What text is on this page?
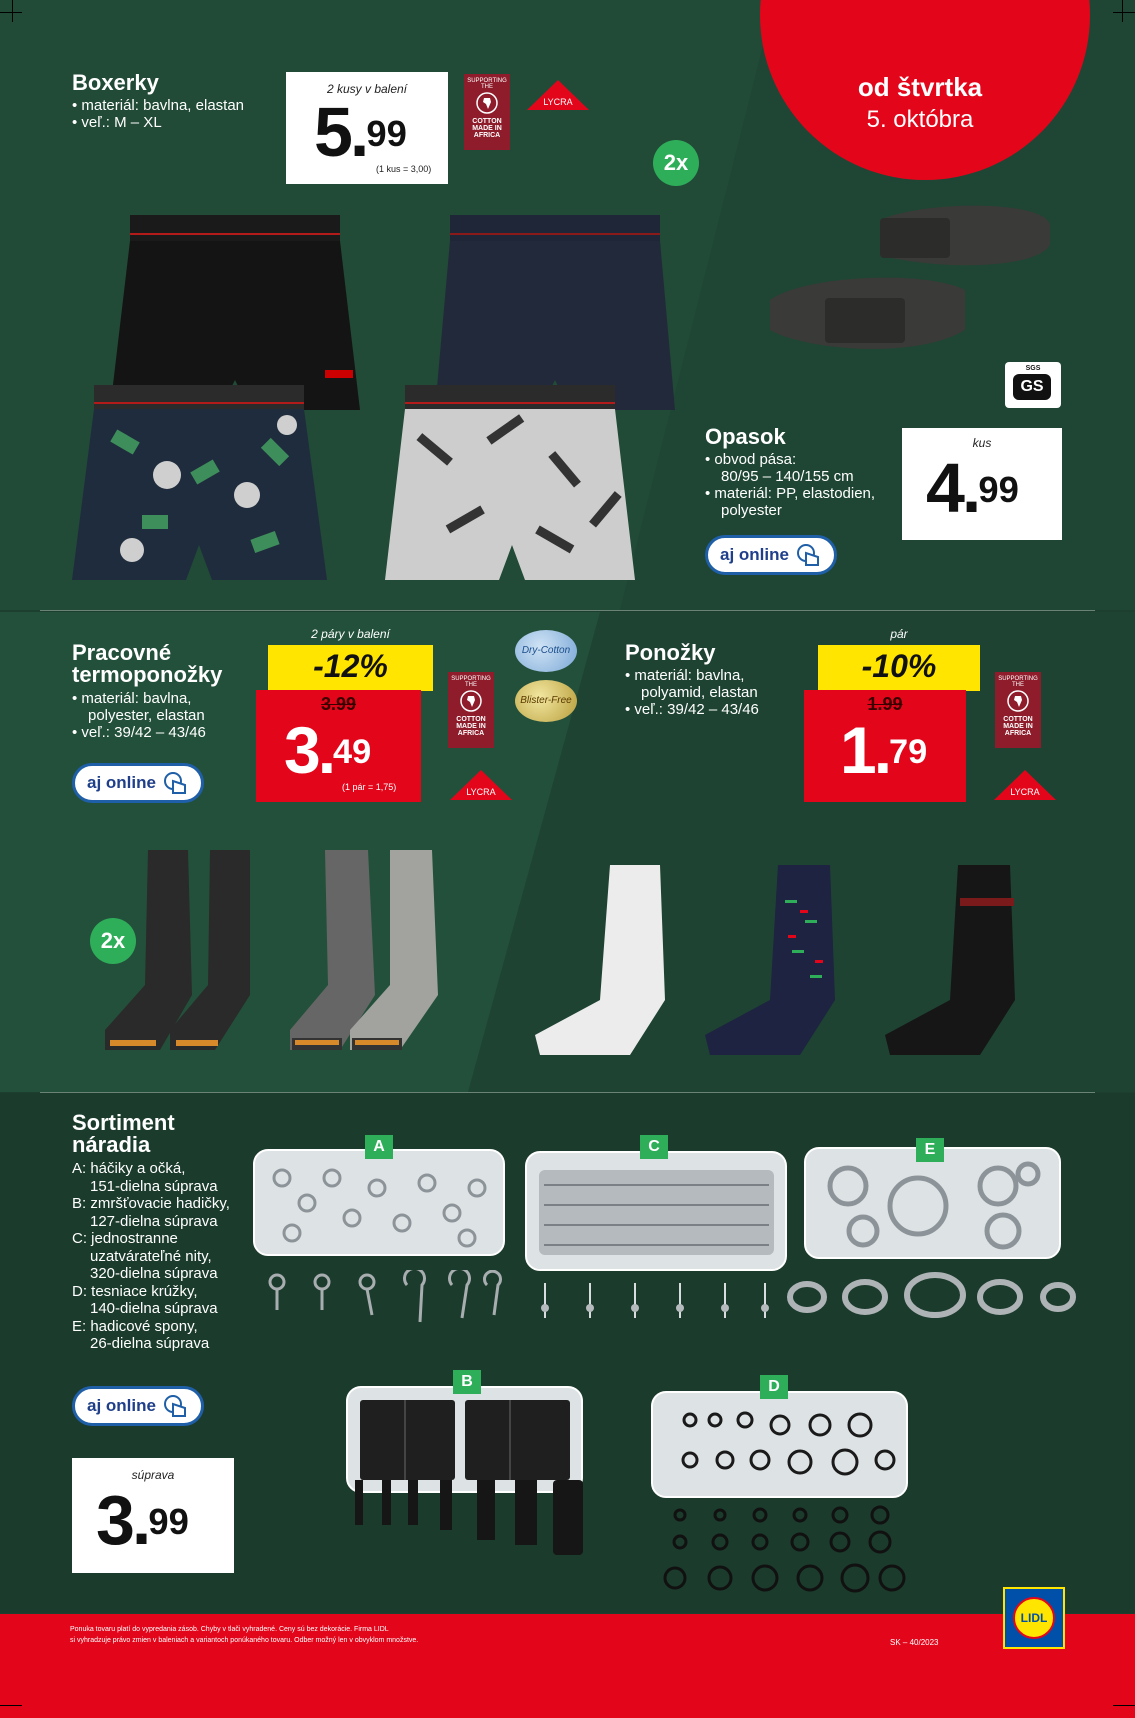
od štvrtka
5. októbra
Boxerky
• materiál: bavlna, elastan
• veľ.: M – XL
2 kusy v balení
5.99
(1 kus = 3,00)
SUPPORTING THE
COTTON MADE IN AFRICA
LYCRA
2x
SGS
GS
Opasok
• obvod pása:
80/95 – 140/155 cm
• materiál: PP, elastodien,
polyester
kus
4.99
aj online
Pracovné
termoponožky
• materiál: bavlna,
polyester, elastan
• veľ.: 39/42 – 43/46
aj online
2 páry v balení
-12%
3.99
3.49
(1 pár = 1,75)
SUPPORTING THE
COTTON MADE IN AFRICA
Dry-Cotton
Blister-Free
LYCRA
2x
Ponožky
• materiál: bavlna,
polyamid, elastan
• veľ.: 39/42 – 43/46
pár
-10%
1.99
1.79
SUPPORTING THE
COTTON MADE IN AFRICA
LYCRA
Sortiment
náradia
A: háčiky a očká,
151-dielna súprava
B: zmršťovacie hadičky,
127-dielna súprava
C: jednostranne
uzatvárateľné nity,
320-dielna súprava
D: tesniace krúžky,
140-dielna súprava
E: hadicové spony,
26-dielna súprava
aj online
súprava
3.99
A	C	E
B	D
Ponuka tovaru platí do vypredania zásob. Chyby v tlači vyhradené. Ceny sú bez dekorácie. Firma LIDL
si vyhradzuje právo zmien v baleniach a variantoch ponúkaného tovaru. Odber možný len v obvyklom množstve.	SK – 40/2023
LIDL
